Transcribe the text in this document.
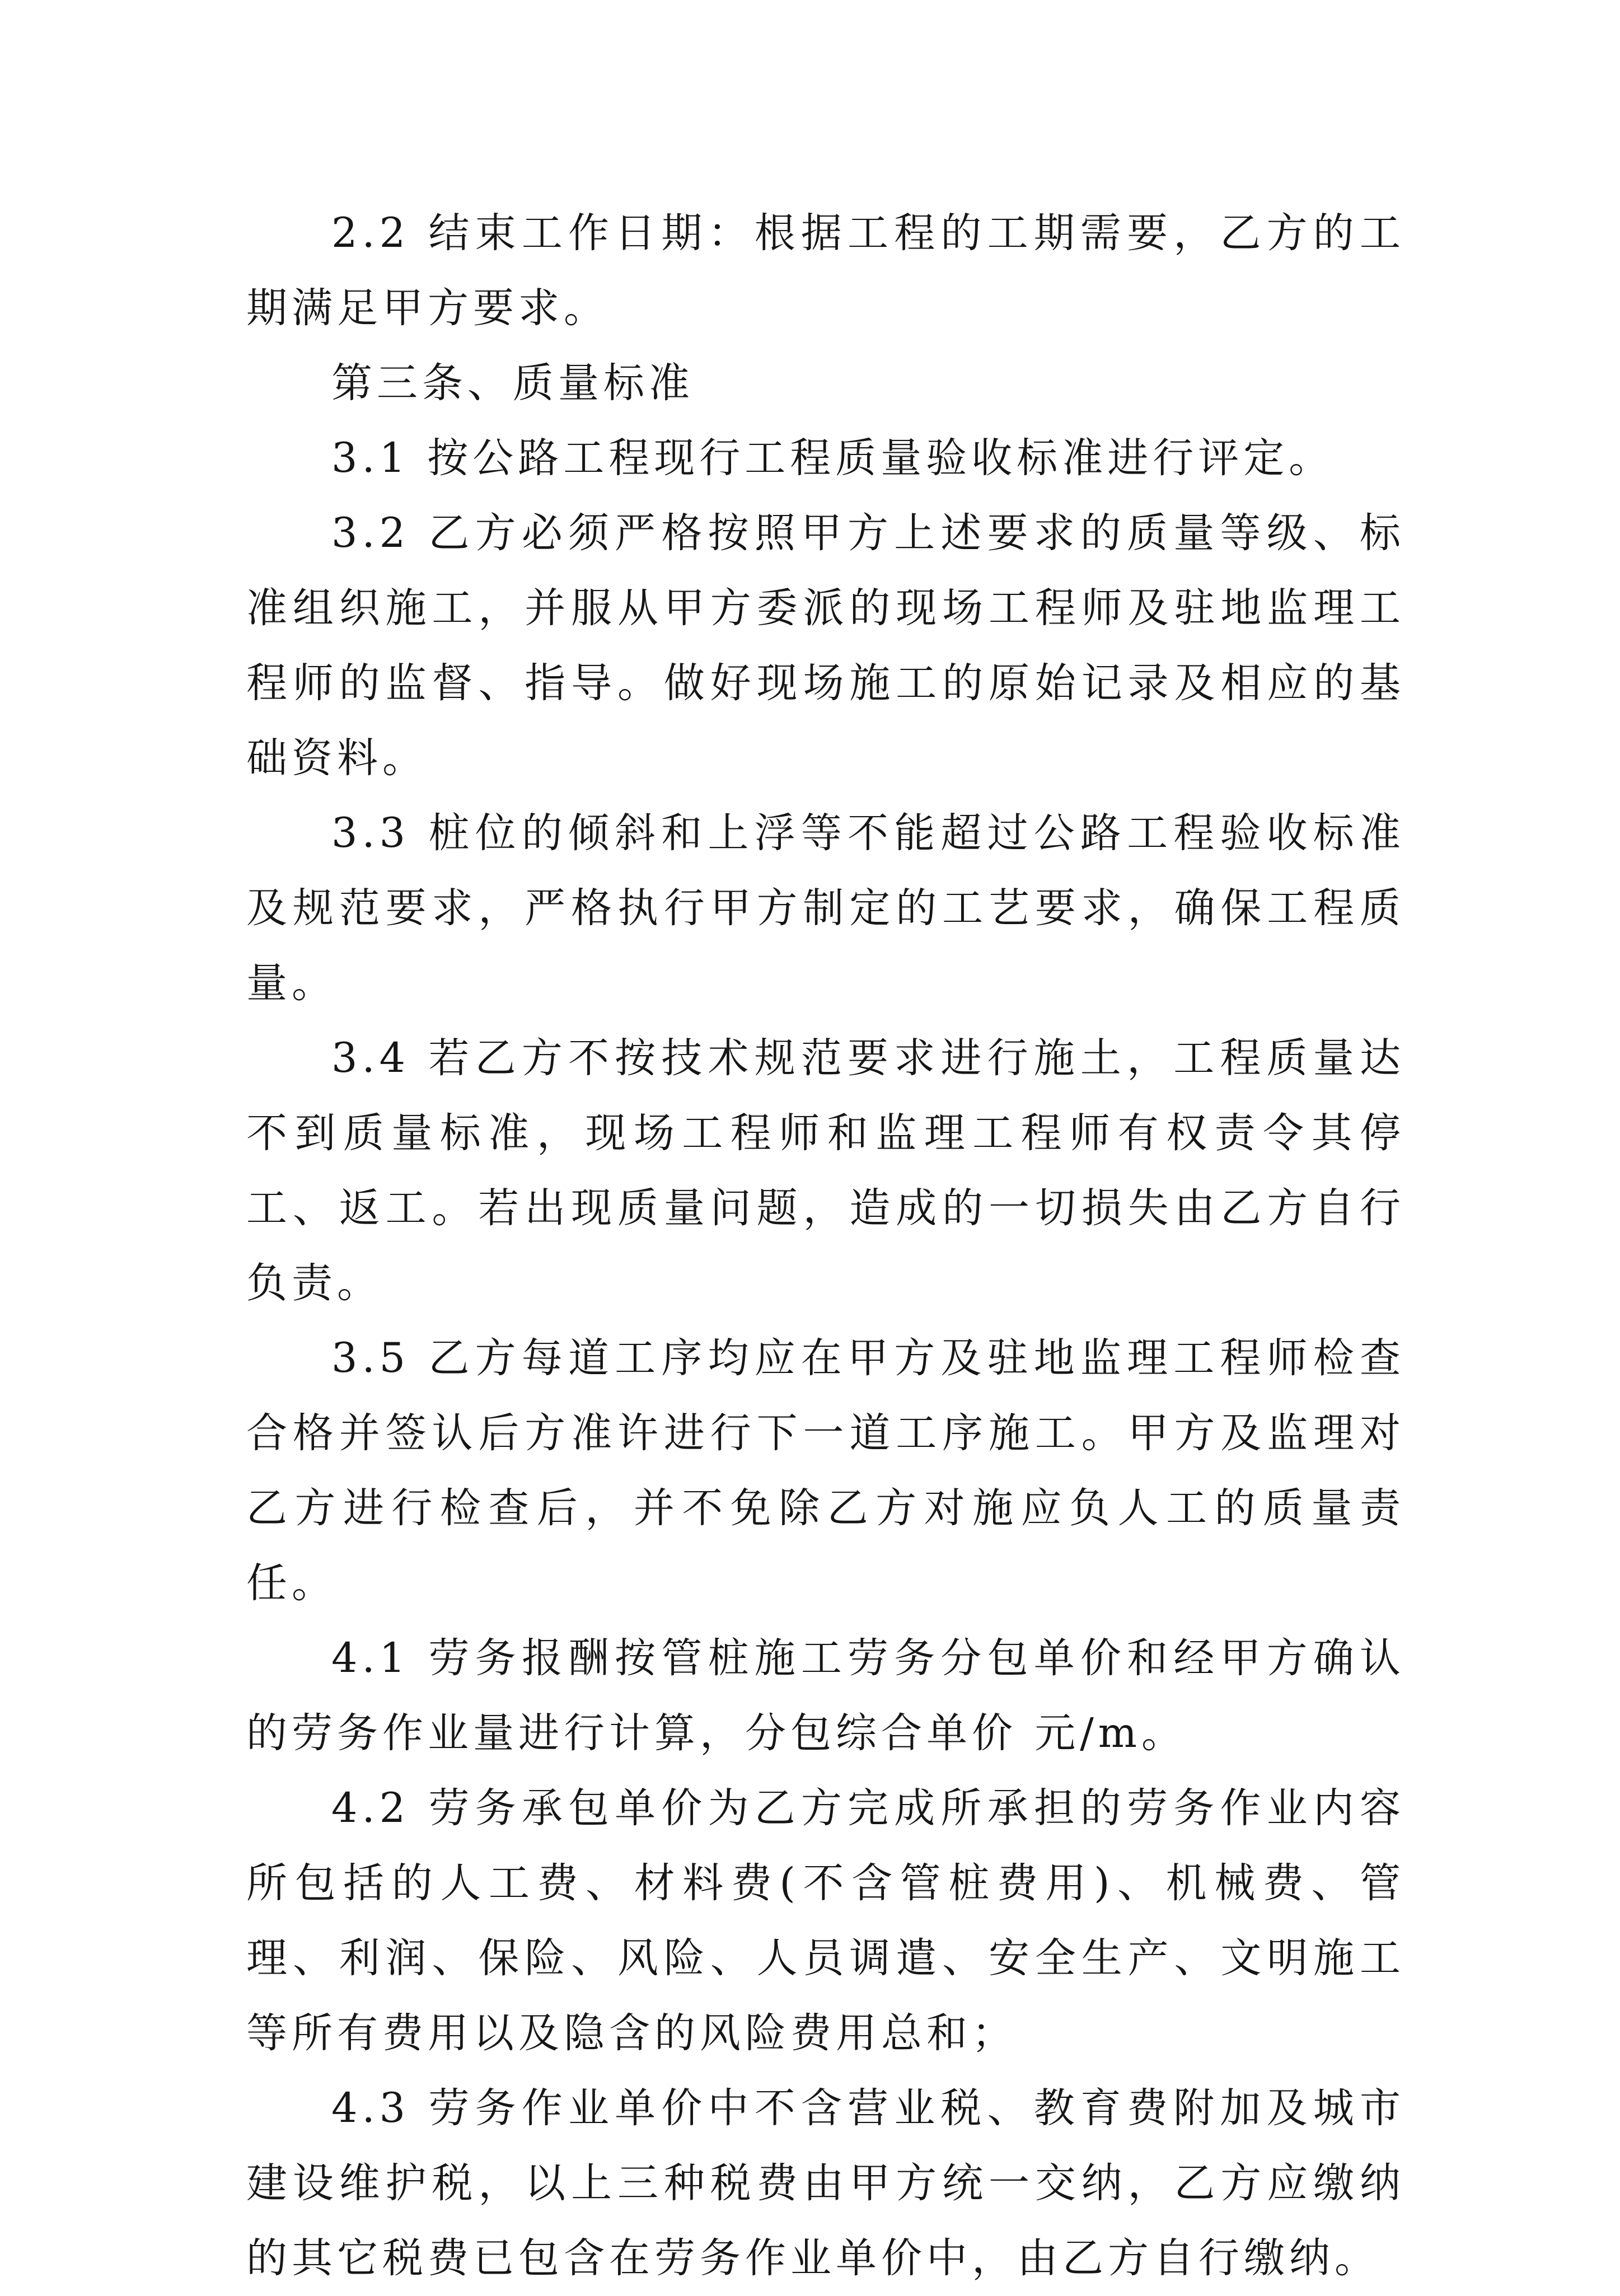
2.2 结束工作日期：根据工程的工期需要，乙方的工期满足甲方要求。

第三条、质量标准

3.1 按公路工程现行工程质量验收标准进行评定。

3.2 乙方必须严格按照甲方上述要求的质量等级、标准组织施工，并服从甲方委派的现场工程师及驻地监理工程师的监督、指导。做好现场施工的原始记录及相应的基础资料。

3.3 桩位的倾斜和上浮等不能超过公路工程验收标准及规范要求，严格执行甲方制定的工艺要求，确保工程质量。

3.4 若乙方不按技术规范要求进行施土，工程质量达不到质量标准，现场工程师和监理工程师有权责令其停工、返工。若出现质量问题，造成的一切损失由乙方自行负责。

3.5 乙方每道工序均应在甲方及驻地监理工程师检查合格并签认后方准许进行下一道工序施工。甲方及监理对乙方进行检查后，并不免除乙方对施应负人工的质量责任。

4.1 劳务报酬按管桩施工劳务分包单价和经甲方确认的劳务作业量进行计算，分包综合单价 元/m。

4.2 劳务承包单价为乙方完成所承担的劳务作业内容所包括的人工费、材料费(不含管桩费用)、机械费、管理、利润、保险、风险、人员调遣、安全生产、文明施工等所有费用以及隐含的风险费用总和；

4.3 劳务作业单价中不含营业税、教育费附加及城市建设维护税，以上三种税费由甲方统一交纳，乙方应缴纳的其它税费已包含在劳务作业单价中，由乙方自行缴纳。
